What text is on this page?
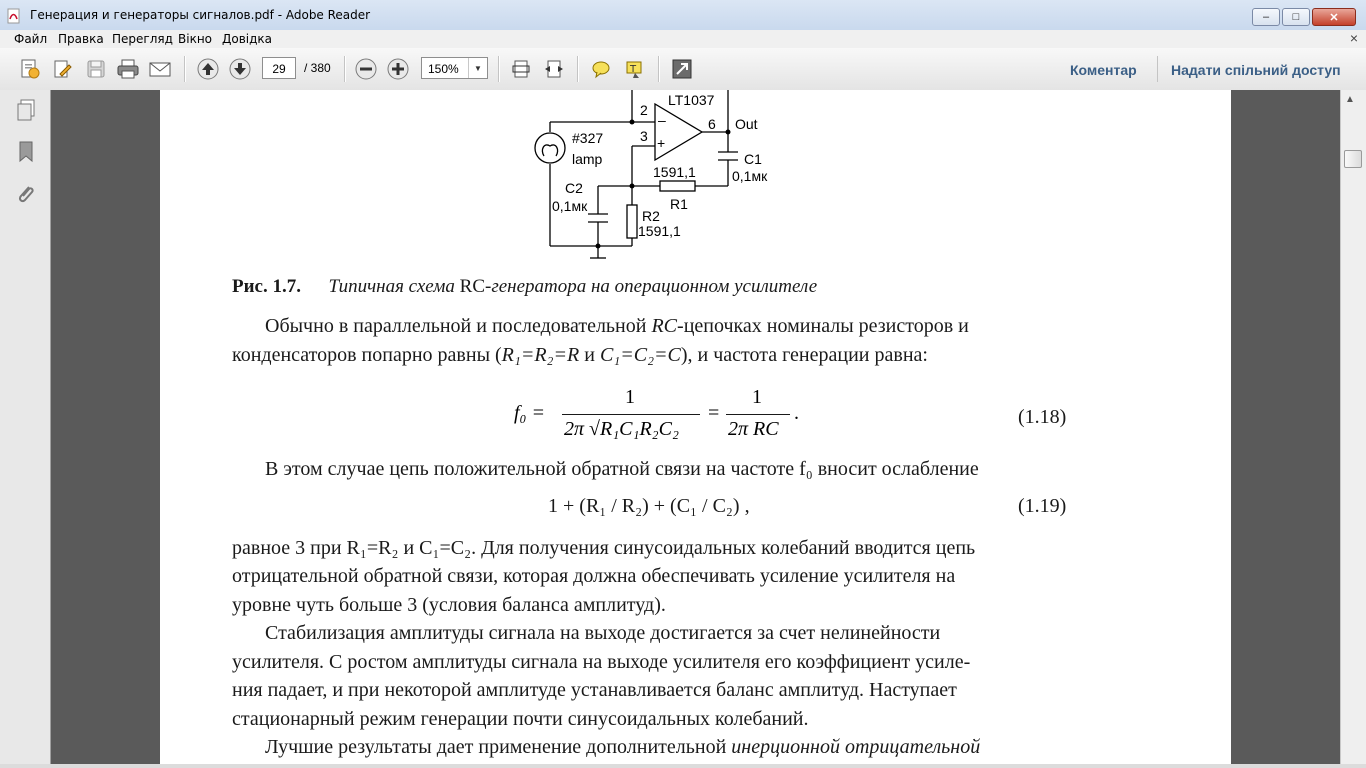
Генерация и генераторы сигналов.pdf - Adobe Reader	–	□	✕
Файл Правка Перегляд Вікно Довідка	×
29	/ 380	150%	▼	T	Коментар Надати спільний доступ
LT1037
2
3
6 Out
–
+
#327
lamp	C1
0,1мк
1591,1
R1
C2
0,1мк
R2
1591,1
Рис. 1.7. Типичная схема RC-генератора на операционном усилителе
Обычно в параллельной и последовательной RC-цепочках номиналы резисторов и
конденсаторов попарно равны (R₁=R₂=R и C₁=C₂=C), и частота генерации равна:
f₀ =
1
2π √R₁C₁R₂C₂
=
1
2π RC
.	(1.18)
В этом случае цепь положительной обратной связи на частоте f₀ вносит ослабление
1 + (R₁ / R₂) + (C₁ / C₂) ,	(1.19)
равное 3 при R₁=R₂ и C₁=C₂. Для получения синусоидальных колебаний вводится цепь
отрицательной обратной связи, которая должна обеспечивать усиление усилителя на
уровне чуть больше 3 (условия баланса амплитуд).
Стабилизация амплитуды сигнала на выходе достигается за счет нелинейности
усилителя. С ростом амплитуды сигнала на выходе усилителя его коэффициент усиле-
ния падает, и при некоторой амплитуде устанавливается баланс амплитуд. Наступает
стационарный режим генерации почти синусоидальных колебаний.
Лучшие результаты дает применение дополнительной инерционной отрицательной
▲
